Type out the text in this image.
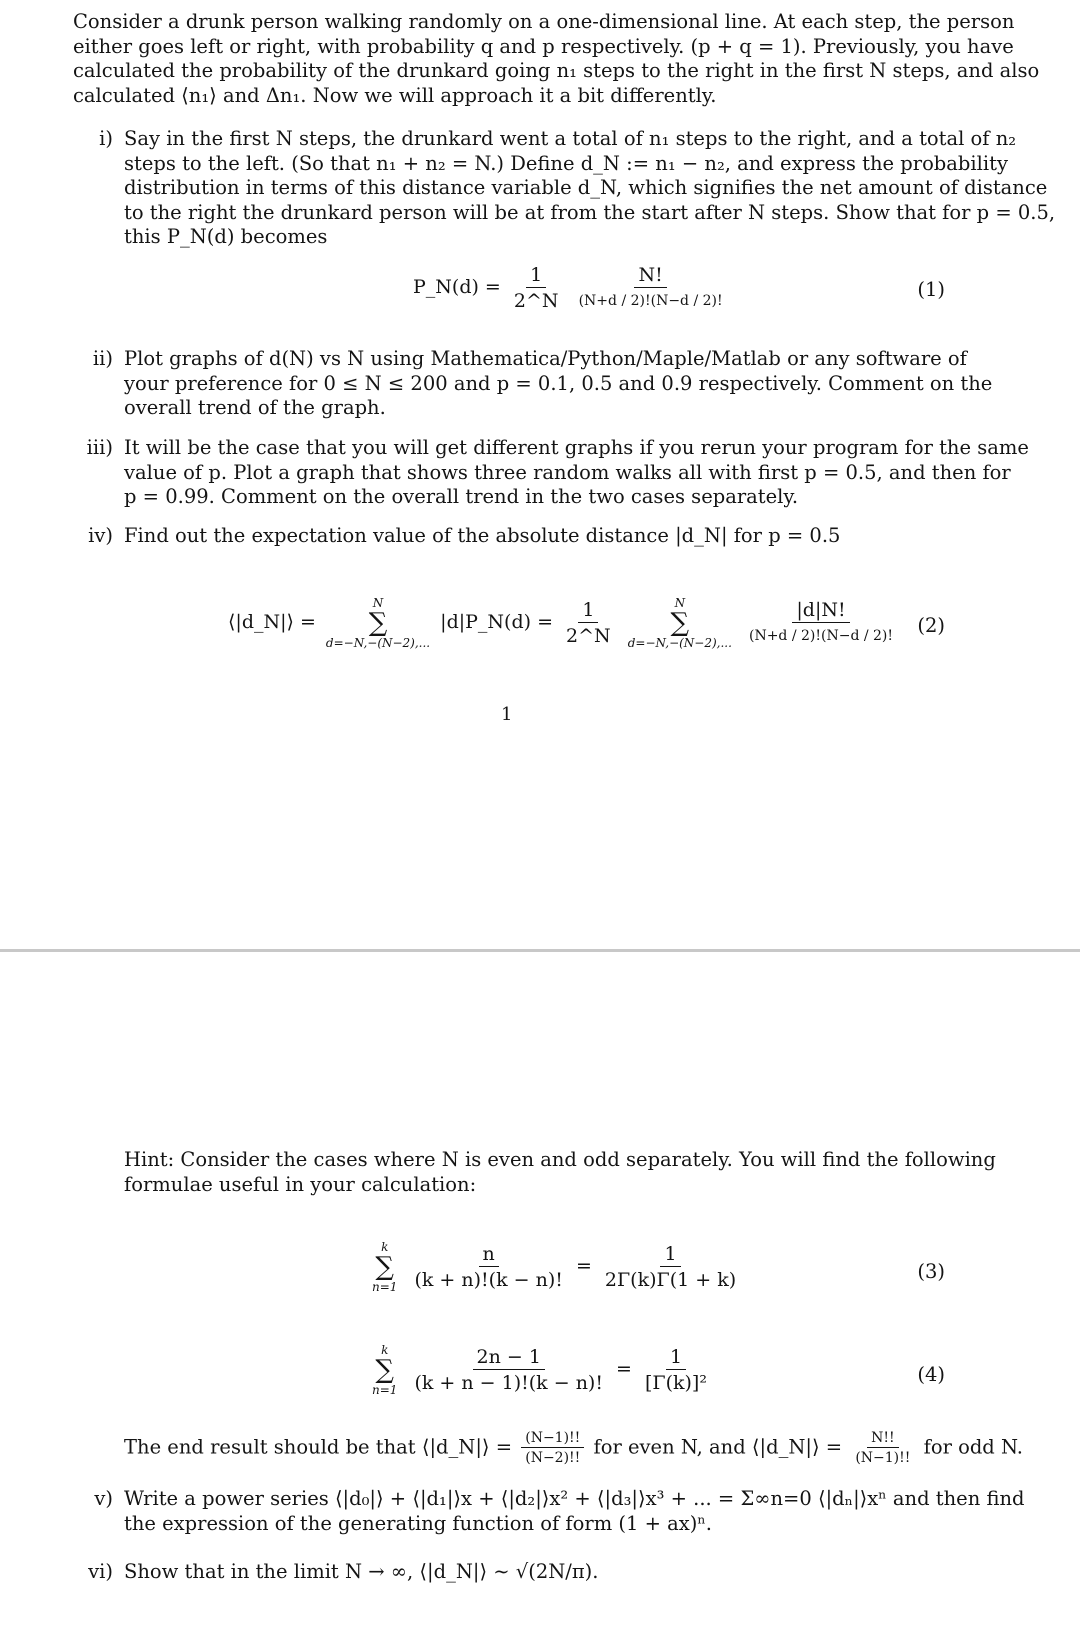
Consider a drunk person walking randomly on a one-dimensional line. At each step, the person
either goes left or right, with probability q and p respectively. (p + q = 1). Previously, you have
calculated the probability of the drunkard going n₁ steps to the right in the first N steps, and also
calculated ⟨n₁⟩ and Δn₁. Now we will approach it a bit differently.
i) Say in the first N steps, the drunkard went a total of n₁ steps to the right, and a total of n₂
steps to the left. (So that n₁ + n₂ = N.) Define d_N := n₁ − n₂, and express the probability
distribution in terms of this distance variable d_N, which signifies the net amount of distance
to the right the drunkard person will be at from the start after N steps. Show that for p = 0.5,
this P_N(d) becomes
P_N(d) = $\frac{1}{2\^{}N}$
$\frac{N!}{(N+d / 2)!(N-d / 2)!}$	(1)
ii) Plot graphs of d(N) vs N using Mathematica/Python/Maple/Matlab or any software of
your preference for 0 ≤ N ≤ 200 and p = 0.1, 0.5 and 0.9 respectively. Comment on the
overall trend of the graph.
iii) It will be the case that you will get different graphs if you rerun your program for the same
value of p. Plot a graph that shows three random walks all with first p = 0.5, and then for
p = 0.99. Comment on the overall trend in the two cases separately.
iv) Find out the expectation value of the absolute distance |d_N| for p = 0.5
⟨|d_N|⟩ =
N
∑
d=−N,−(N−2),...
|d|P_N(d) = $\frac{1}{2\^{}N}$
	N
∑
d=−N,−(N−2),...
$\frac{|d|N!}{(N+d / 2)!(N-d / 2)!} (2)$
1
Hint: Consider the cases where N is even and odd separately. You will find the following
formulae useful in your calculation:
k
∑
n=1
$\frac{n}{(k + n)!(k - n)!} = \frac{1}{2\Gamma(k)\Gamma(1 + k)}$	(3)
k
∑
n=1
$\frac{2n - 1}{(k + n - 1)!(k - n)!} = \frac{1}{\text{[Γ(k)]²}}$	(4)
The end result should be that ⟨|d_N|⟩ = $\frac{(N-1)!!}{(N-2)!!}$ for even N, and ⟨|d_N|⟩ = $\frac{N!!}{(N-1)!!}$ for odd N.
v) Write a power series ⟨|d₀|⟩ + ⟨|d₁|⟩x + ⟨|d₂|⟩x² + ⟨|d₃|⟩x³ + ... = Σ∞n=0 ⟨|dₙ|⟩xⁿ and then find
the expression of the generating function of form (1 + ax)ⁿ.
vi) Show that in the limit N → ∞, ⟨|d_N|⟩ ∼ √(2N/π).
